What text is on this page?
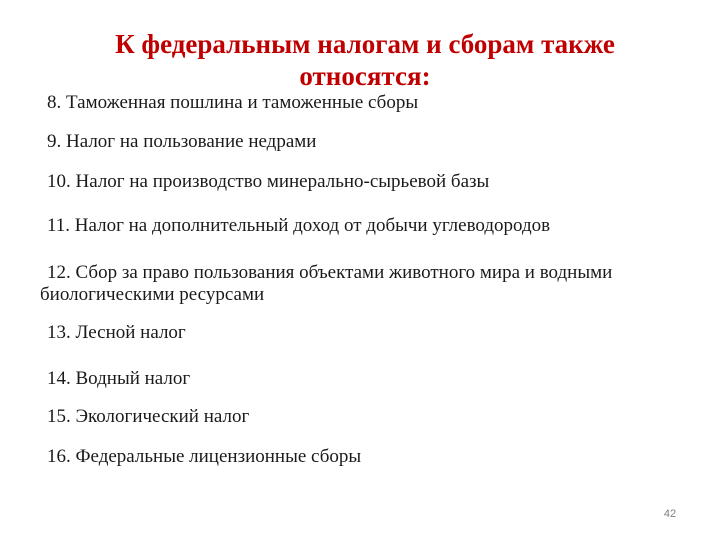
К федеральным налогам и сборам также относятся:
8. Таможенная пошлина и таможенные сборы
9. Налог на пользование недрами
10. Налог на производство минерально-сырьевой базы
11. Налог на дополнительный доход от добычи углеводородов
12. Сбор за право пользования объектами животного мира и водными биологическими ресурсами
13. Лесной налог
14. Водный налог
15. Экологический налог
16. Федеральные лицензионные сборы
42
